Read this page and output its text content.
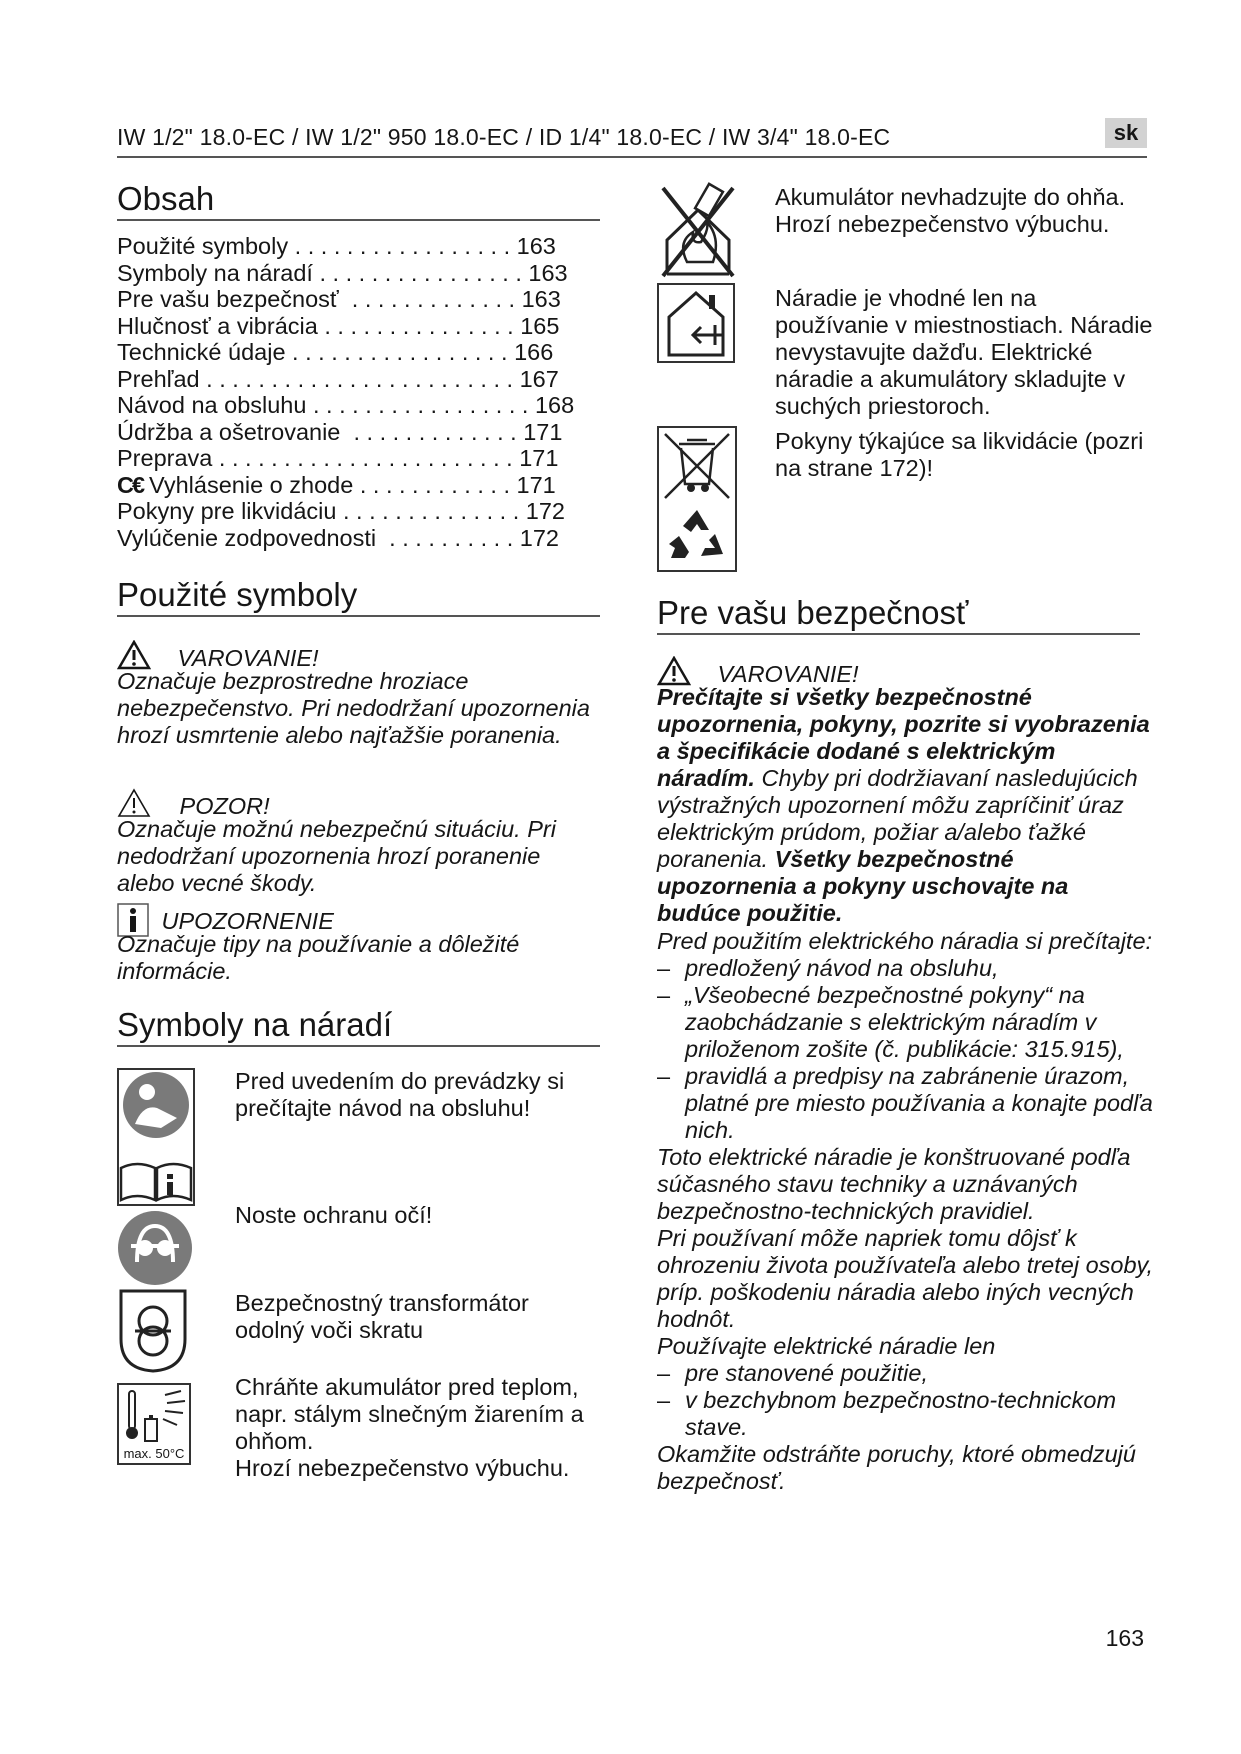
IW 1/2" 18.0-EC / IW 1/2" 950 18.0-EC / ID 1/4" 18.0-EC / IW 3/4" 18.0-EC	sk
Obsah
Použité symboly . . . . . . . . . . . . . . . . . 163
Symboly na náradí . . . . . . . . . . . . . . . . 163
Pre vašu bezpečnosť  . . . . . . . . . . . . . 163
Hlučnosť a vibrácia . . . . . . . . . . . . . . . 165
Technické údaje . . . . . . . . . . . . . . . . . 166
Prehľad . . . . . . . . . . . . . . . . . . . . . . . . 167
Návod na obsluhu . . . . . . . . . . . . . . . . . 168
Údržba a ošetrovanie  . . . . . . . . . . . . . 171
Preprava . . . . . . . . . . . . . . . . . . . . . . . 171
C€ Vyhlásenie o zhode . . . . . . . . . . . . 171
Pokyny pre likvidáciu . . . . . . . . . . . . . . 172
Vylúčenie zodpovednosti  . . . . . . . . . . 172
Použité symboly
VAROVANIE!
Označuje bezprostredne hroziace nebezpečenstvo. Pri nedodržaní upozornenia hrozí usmrtenie alebo najťažšie poranenia.
POZOR!
Označuje možnú nebezpečnú situáciu. Pri nedodržaní upozornenia hrozí poranenie alebo vecné škody.
UPOZORNENIE
Označuje tipy na používanie a dôležité informácie.
Symboly na náradí
Pred uvedením do prevádzky si prečítajte návod na obsluhu!
Noste ochranu očí!
Bezpečnostný transformátor odolný voči skratu
max. 50°C
Chráňte akumulátor pred teplom, napr. stálym slnečným žiarením a ohňom.
Hrozí nebezpečenstvo výbuchu.
Akumulátor nevhadzujte do ohňa. Hrozí nebezpečenstvo výbuchu.
Náradie je vhodné len na používanie v miestnostiach. Náradie nevystavujte dažďu. Elektrické náradie a akumulátory skladujte v suchých priestoroch.
Pokyny týkajúce sa likvidácie (pozri na strane 172)!
Pre vašu bezpečnosť
VAROVANIE!
Prečítajte si všetky bezpečnostné upozornenia, pokyny, pozrite si vyobrazenia a špecifikácie dodané s elektrickým náradím. Chyby pri dodržiavaní nasledujúcich výstražných upozornení môžu zapríčiniť úraz elektrickým prúdom, požiar a/alebo ťažké poranenia. Všetky bezpečnostné upozornenia a pokyny uschovajte na budúce použitie.
Pred použitím elektrického náradia si prečítajte:
– predložený návod na obsluhu,
– „Všeobecné bezpečnostné pokyny“ na zaobchádzanie s elektrickým náradím v priloženom zošite (č. publikácie: 315.915),
– pravidlá a predpisy na zabránenie úrazom, platné pre miesto používania a konajte podľa nich.
Toto elektrické náradie je konštruované podľa súčasného stavu techniky a uznávaných bezpečnostno-technických pravidiel.
Pri používaní môže napriek tomu dôjsť k ohrozeniu života používateľa alebo tretej osoby, príp. poškodeniu náradia alebo iných vecných hodnôt.
Používajte elektrické náradie len
– pre stanovené použitie,
– v bezchybnom bezpečnostno-technickom stave.
Okamžite odstráňte poruchy, ktoré obmedzujú bezpečnosť.
163
